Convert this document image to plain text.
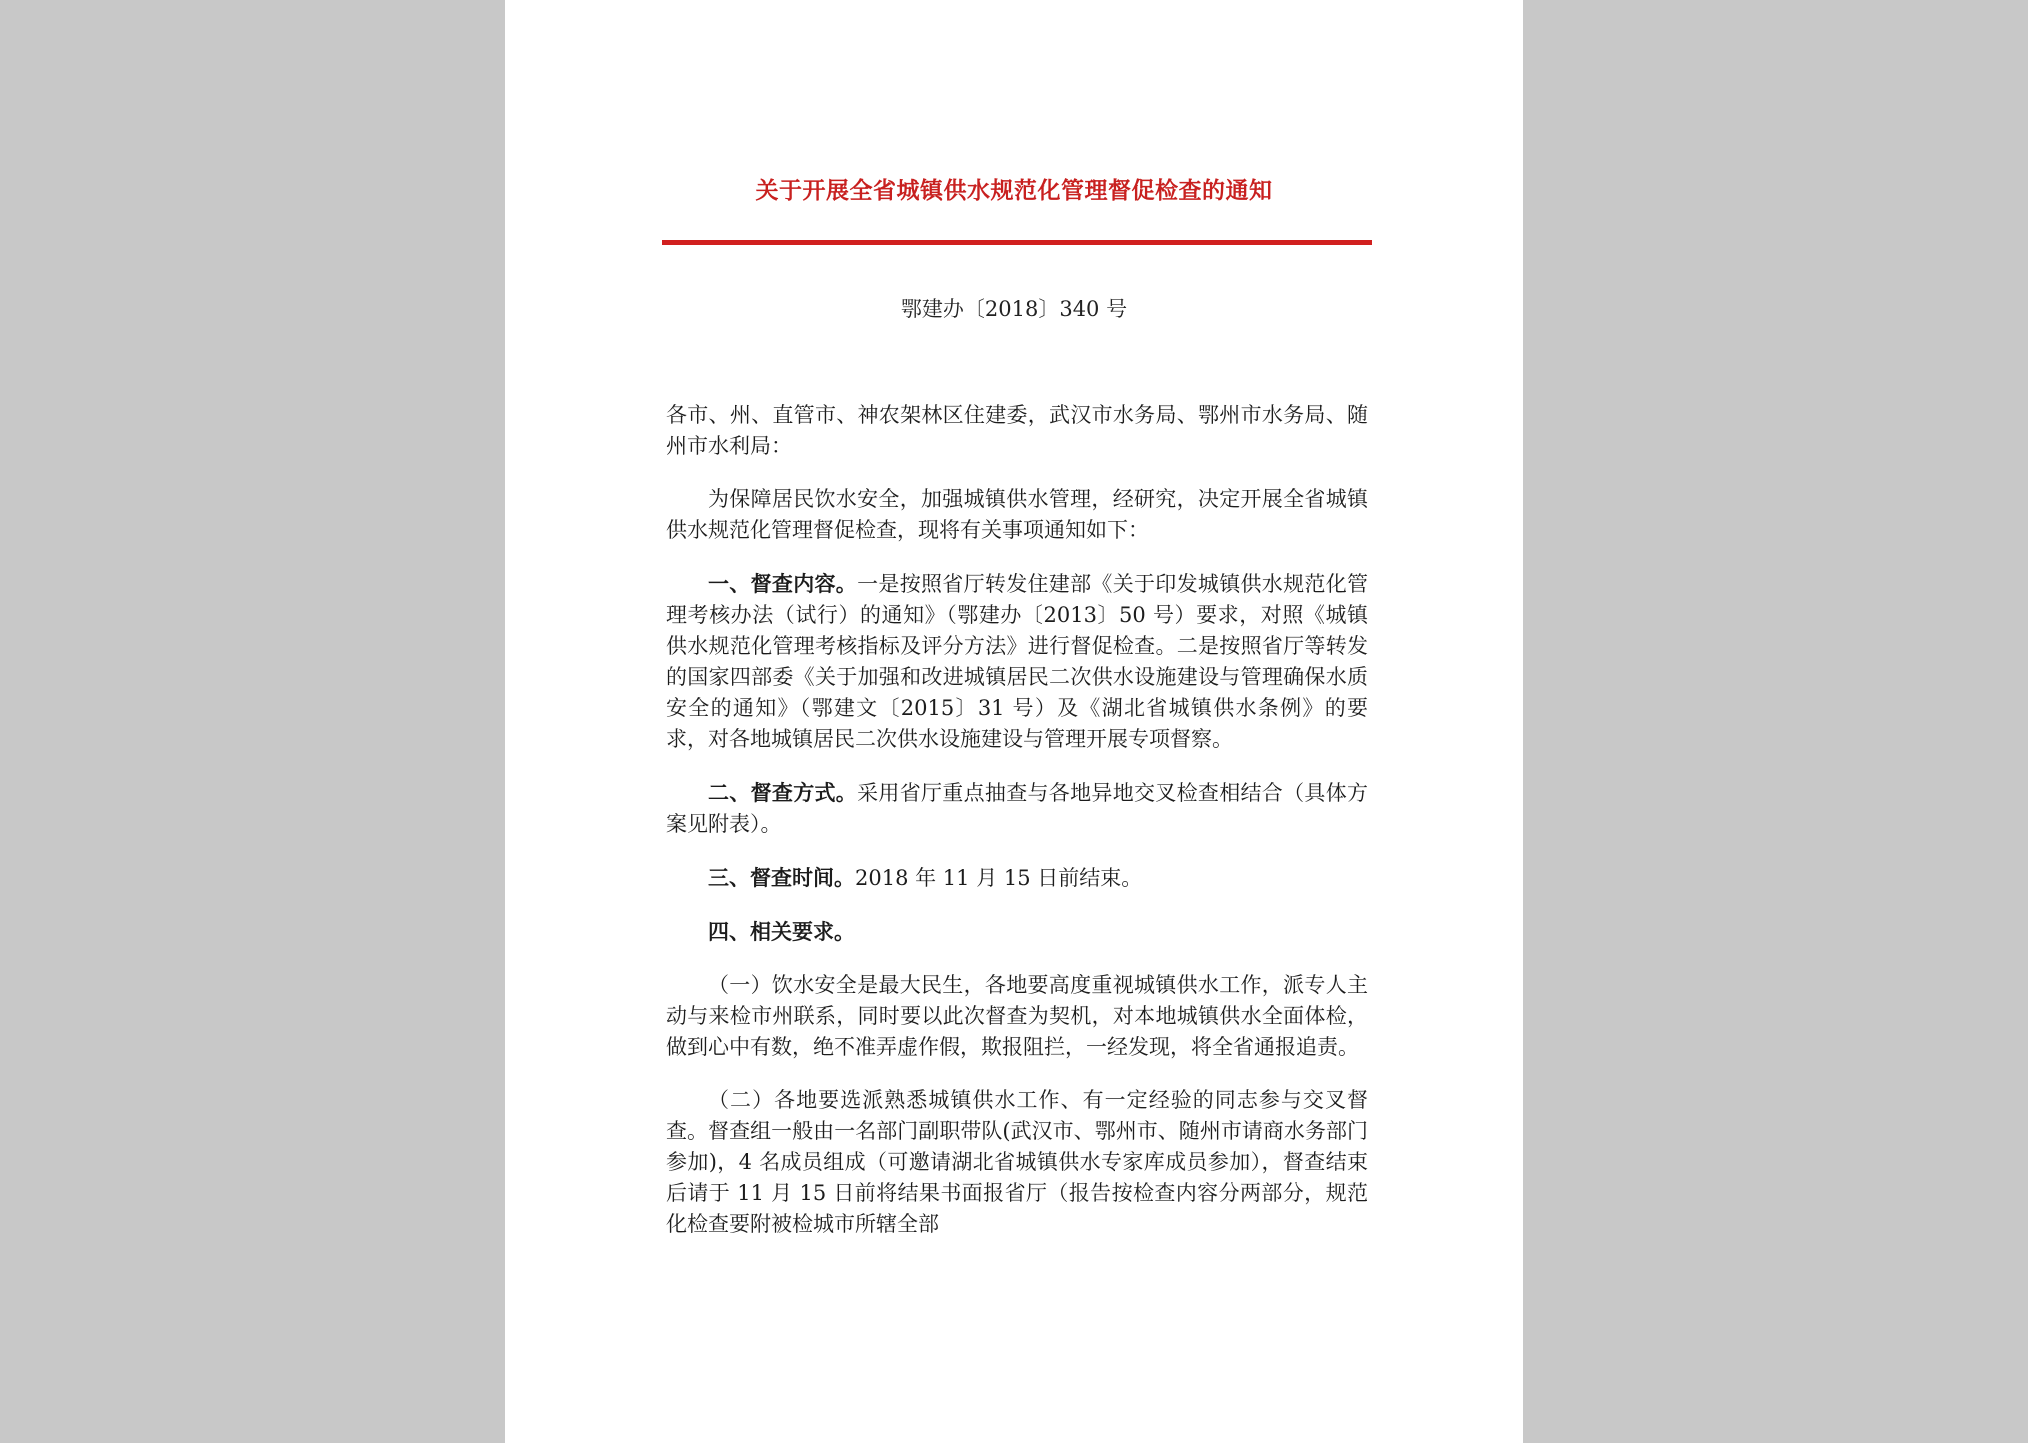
关于开展全省城镇供水规范化管理督促检查的通知
鄂建办〔2018〕340 号

各市、州、直管市、神农架林区住建委，武汉市水务局、鄂州市水务局、随州市水利局：

为保障居民饮水安全，加强城镇供水管理，经研究，决定开展全省城镇供水规范化管理督促检查，现将有关事项通知如下：

一、督查内容。一是按照省厅转发住建部《关于印发城镇供水规范化管理考核办法（试行）的通知》（鄂建办〔2013〕50 号）要求，对照《城镇供水规范化管理考核指标及评分方法》进行督促检查。二是按照省厅等转发的国家四部委《关于加强和改进城镇居民二次供水设施建设与管理确保水质安全的通知》（鄂建文〔2015〕31 号）及《湖北省城镇供水条例》的要求，对各地城镇居民二次供水设施建设与管理开展专项督察。

二、督查方式。采用省厅重点抽查与各地异地交叉检查相结合（具体方案见附表）。

三、督查时间。2018 年 11 月 15 日前结束。

四、相关要求。

（一）饮水安全是最大民生，各地要高度重视城镇供水工作，派专人主动与来检市州联系，同时要以此次督查为契机，对本地城镇供水全面体检，做到心中有数，绝不准弄虚作假，欺报阻拦，一经发现，将全省通报追责。

（二）各地要选派熟悉城镇供水工作、有一定经验的同志参与交叉督查。督查组一般由一名部门副职带队(武汉市、鄂州市、随州市请商水务部门参加)，4 名成员组成（可邀请湖北省城镇供水专家库成员参加），督查结束后请于 11 月 15 日前将结果书面报省厅（报告按检查内容分两部分，规范化检查要附被检城市所辖全部
